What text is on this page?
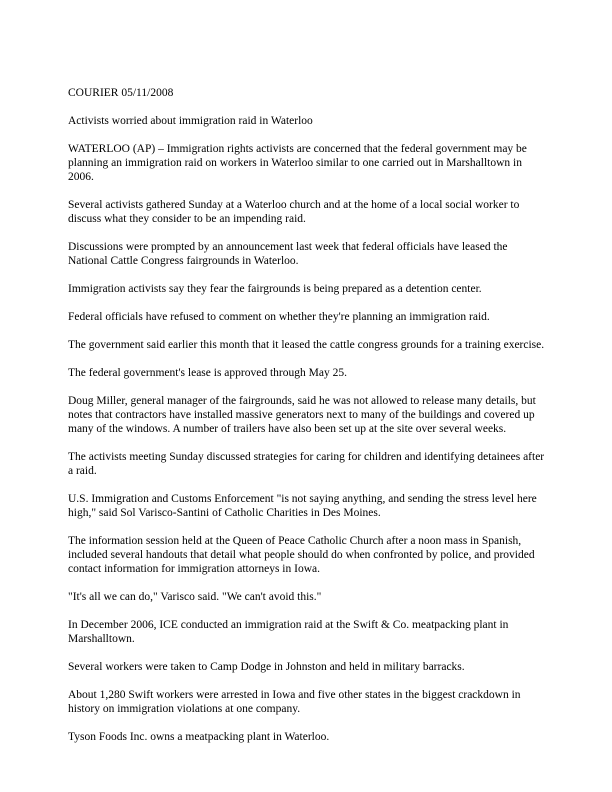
COURIER 05/11/2008

Activists worried about immigration raid in Waterloo

WATERLOO (AP) – Immigration rights activists are concerned that the federal government may be planning an immigration raid on workers in Waterloo similar to one carried out in Marshalltown in 2006.

Several activists gathered Sunday at a Waterloo church and at the home of a local social worker to discuss what they consider to be an impending raid.

Discussions were prompted by an announcement last week that federal officials have leased the National Cattle Congress fairgrounds in Waterloo.

Immigration activists say they fear the fairgrounds is being prepared as a detention center.

Federal officials have refused to comment on whether they're planning an immigration raid.

The government said earlier this month that it leased the cattle congress grounds for a training exercise.

The federal government's lease is approved through May 25.

Doug Miller, general manager of the fairgrounds, said he was not allowed to release many details, but notes that contractors have installed massive generators next to many of the buildings and covered up many of the windows. A number of trailers have also been set up at the site over several weeks.

The activists meeting Sunday discussed strategies for caring for children and identifying detainees after a raid.

U.S. Immigration and Customs Enforcement "is not saying anything, and sending the stress level here high," said Sol Varisco-Santini of Catholic Charities in Des Moines.

The information session held at the Queen of Peace Catholic Church after a noon mass in Spanish, included several handouts that detail what people should do when confronted by police, and provided contact information for immigration attorneys in Iowa.

"It's all we can do," Varisco said. "We can't avoid this."

In December 2006, ICE conducted an immigration raid at the Swift & Co. meatpacking plant in Marshalltown.

Several workers were taken to Camp Dodge in Johnston and held in military barracks.

About 1,280 Swift workers were arrested in Iowa and five other states in the biggest crackdown in history on immigration violations at one company.

Tyson Foods Inc. owns a meatpacking plant in Waterloo.
